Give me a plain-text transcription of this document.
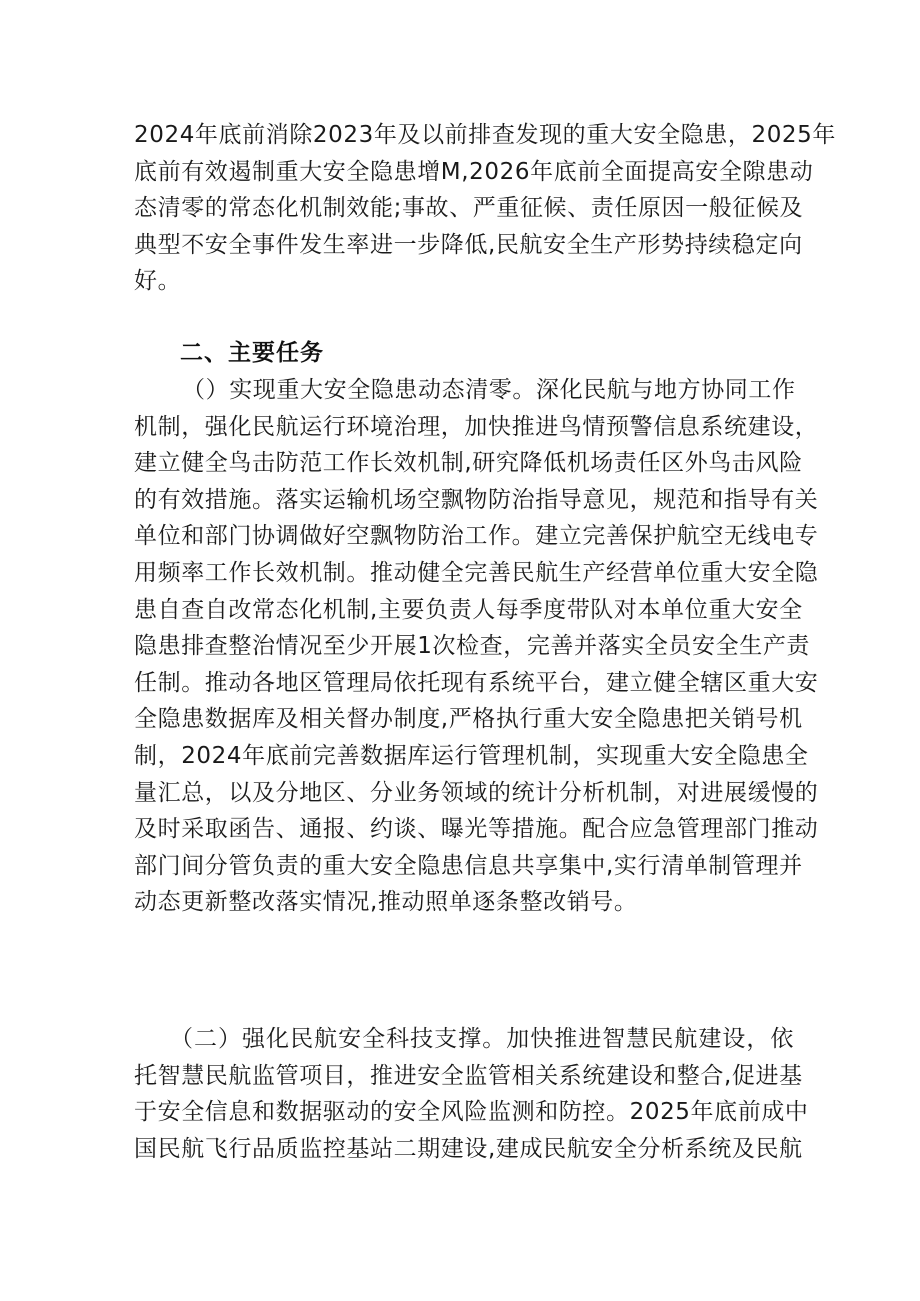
2024年底前消除2023年及以前排查发现的重大安全隐患，2025年
底前有效遏制重大安全隐患增M,2026年底前全面提高安全隙患动
态清零的常态化机制效能;事故、严重征候、责任原因一般征候及
典型不安全事件发生率进一步降低,民航安全生产形势持续稳定向
好。

二、主要任务

（）实现重大安全隐患动态清零。深化民航与地方协同工作
机制，强化民航运行环境治理，加快推进鸟情预警信息系统建设，
建立健全鸟击防范工作长效机制,研究降低机场责任区外鸟击风险
的有效措施。落实运输机场空飘物防治指导意见，规范和指导有关
单位和部门协调做好空飘物防治工作。建立完善保护航空无线电专
用频率工作长效机制。推动健全完善民航生产经营单位重大安全隐
患自查自改常态化机制,主要负责人每季度带队对本单位重大安全
隐患排查整治情况至少开展1次检查，完善并落实全员安全生产责
任制。推动各地区管理局依托现有系统平台，建立健全辖区重大安
全隐患数据库及相关督办制度,严格执行重大安全隐患把关销号机
制，2024年底前完善数据库运行管理机制，实现重大安全隐患全
量汇总，以及分地区、分业务领域的统计分析机制，对进展缓慢的
及时采取函告、通报、约谈、曝光等措施。配合应急管理部门推动
部门间分管负责的重大安全隐患信息共享集中,实行清单制管理并
动态更新整改落实情况,推动照单逐条整改销号。

（二）强化民航安全科技支撑。加快推进智慧民航建设，依
托智慧民航监管项目，推进安全监管相关系统建设和整合,促进基
于安全信息和数据驱动的安全风险监测和防控。2025年底前成中
国民航飞行品质监控基站二期建设,建成民航安全分析系统及民航
